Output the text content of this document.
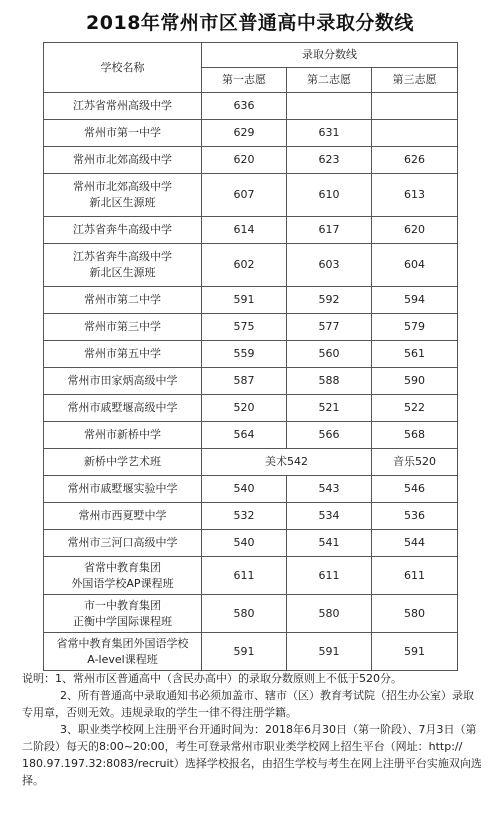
2018年常州市区普通高中录取分数线
学校名称	录取分数线		
	第一志愿	第二志愿	第三志愿

江苏省常州高级中学	636		

常州市第一中学	629	631	

常州市北郊高级中学	620	623	626

常州市北郊高级中学
新北区生源班	607	610	613

江苏省奔牛高级中学	614	617	620

江苏省奔牛高级中学
新北区生源班	602	603	604

常州市第二中学	591	592	594

常州市第三中学	575	577	579

常州市第五中学	559	560	561

常州市田家炳高级中学	587	588	590

常州市戚墅堰高级中学	520	521	522

常州市新桥中学	564	566	568

新桥中学艺术班	美术542		音乐520

常州市戚墅堰实验中学	540	543	546

常州市西夏墅中学	532	534	536

常州市三河口高级中学	540	541	544

省常中教育集团
外国语学校AP课程班	611	611	611

市一中教育集团
正衡中学国际课程班	580	580	580

省常中教育集团外国语学校
A-level课程班	591	591	591

说明：1、常州市区普通高中（含民办高中）的录取分数原则上不低于520分。

2、所有普通高中录取通知书必须加盖市、辖市（区）教育考试院（招生办公室）录取

专用章，否则无效。违规录取的学生一律不得注册学籍。

3、职业类学校网上注册平台开通时间为：2018年6月30日（第一阶段）、7月3日（第

二阶段）每天的8:00~20:00，考生可登录常州市职业类学校网上招生平台（网址：http://

180.97.197.32:8083/recruit）选择学校报名，由招生学校与考生在网上注册平台实施双向选

择。
